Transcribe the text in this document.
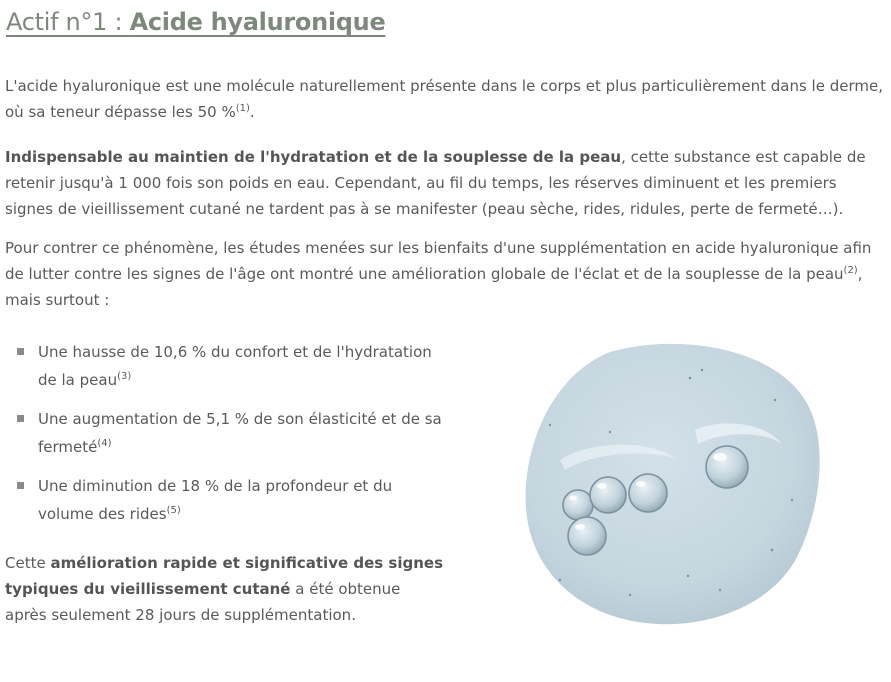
Actif n°1 : Acide hyaluronique

L'acide hyaluronique est une molécule naturellement présente dans le corps et plus particulièrement dans le derme, où sa teneur dépasse les 50 %$^{(1)}$.

Indispensable au maintien de l'hydratation et de la souplesse de la peau, cette substance est capable de retenir jusqu'à 1 000 fois son poids en eau. Cependant, au fil du temps, les réserves diminuent et les premiers signes de vieillissement cutané ne tardent pas à se manifester (peau sèche, rides, ridules, perte de fermeté…).

Pour contrer ce phénomène, les études menées sur les bienfaits d'une supplémentation en acide hyaluronique afin de lutter contre les signes de l'âge ont montré une amélioration globale de l'éclat et de la souplesse de la peau$^{(2)}$, mais surtout :

Une hausse de 10,6 % du confort et de l'hydratation de la peau$^{(3)}$
Une augmentation de 5,1 % de son élasticité et de sa fermeté$^{(4)}$
Une diminution de 18 % de la profondeur et du volume des rides$^{(5)}$

Cette amélioration rapide et significative des signes typiques du vieillissement cutané a été obtenue après seulement 28 jours de supplémentation.
